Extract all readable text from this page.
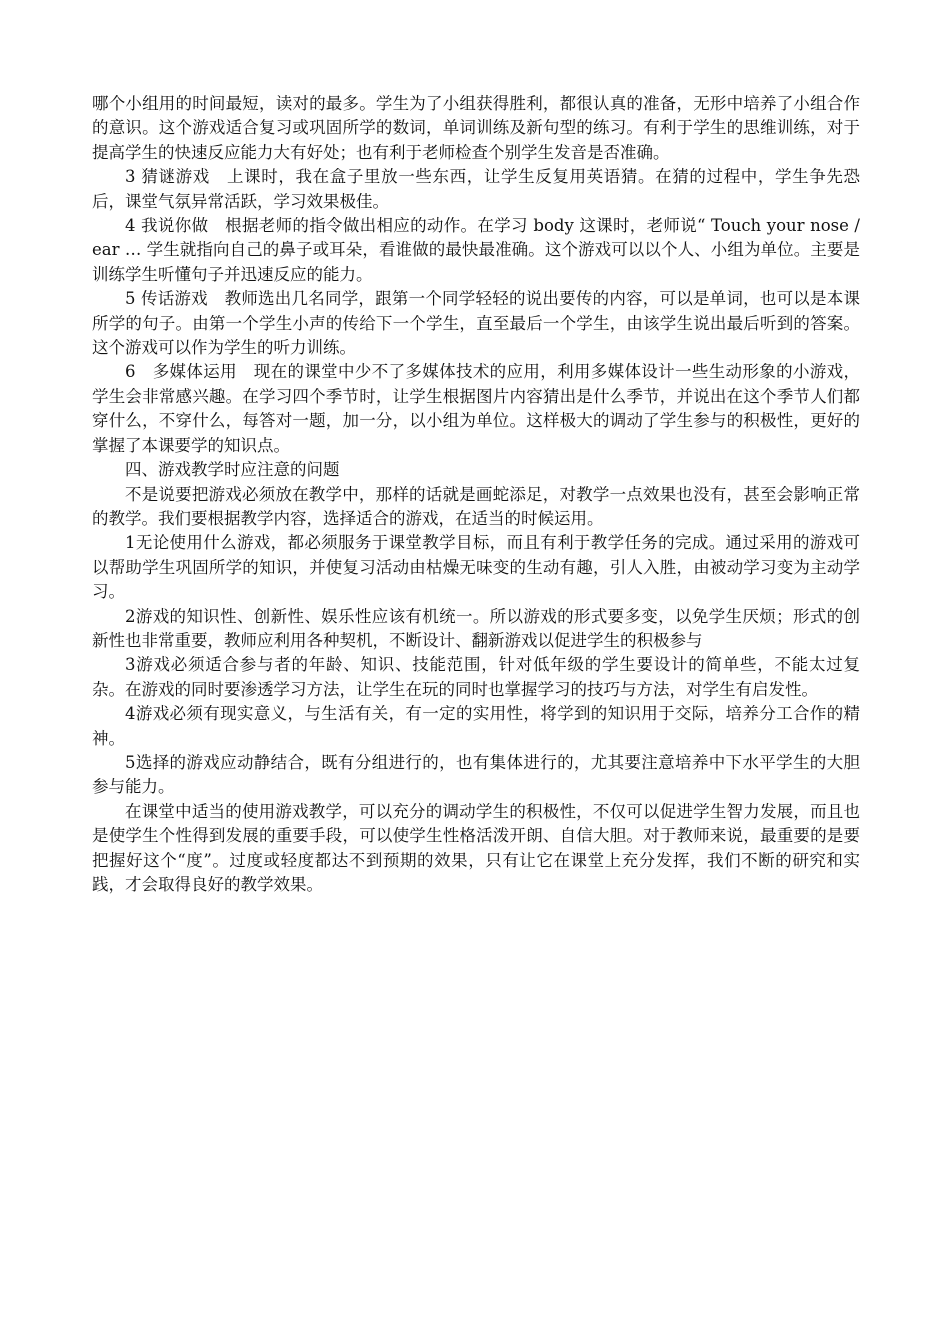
哪个小组用的时间最短，读对的最多。学生为了小组获得胜利，都很认真的准备，无形中培养了小组合作的意识。这个游戏适合复习或巩固所学的数词，单词训练及新句型的练习。有利于学生的思维训练，对于提高学生的快速反应能力大有好处；也有利于老师检查个别学生发音是否准确。

3 猜谜游戏　上课时，我在盒子里放一些东西，让学生反复用英语猜。在猜的过程中，学生争先恐后，课堂气氛异常活跃，学习效果极佳。

4 我说你做　根据老师的指令做出相应的动作。在学习 body 这课时，老师说“ Touch your nose / ear … 学生就指向自己的鼻子或耳朵，看谁做的最快最准确。这个游戏可以以个人、小组为单位。主要是训练学生听懂句子并迅速反应的能力。

5 传话游戏　教师选出几名同学，跟第一个同学轻轻的说出要传的内容，可以是单词，也可以是本课所学的句子。由第一个学生小声的传给下一个学生，直至最后一个学生，由该学生说出最后听到的答案。这个游戏可以作为学生的听力训练。

6　多媒体运用　现在的课堂中少不了多媒体技术的应用，利用多媒体设计一些生动形象的小游戏，学生会非常感兴趣。在学习四个季节时，让学生根据图片内容猜出是什么季节，并说出在这个季节人们都穿什么，不穿什么，每答对一题，加一分，以小组为单位。这样极大的调动了学生参与的积极性，更好的掌握了本课要学的知识点。

四、游戏教学时应注意的问题

不是说要把游戏必须放在教学中，那样的话就是画蛇添足，对教学一点效果也没有，甚至会影响正常的教学。我们要根据教学内容，选择适合的游戏，在适当的时候运用。

1无论使用什么游戏，都必须服务于课堂教学目标，而且有利于教学任务的完成。通过采用的游戏可以帮助学生巩固所学的知识，并使复习活动由枯燥无味变的生动有趣，引人入胜，由被动学习变为主动学习。

2游戏的知识性、创新性、娱乐性应该有机统一。所以游戏的形式要多变，以免学生厌烦；形式的创新性也非常重要，教师应利用各种契机，不断设计、翻新游戏以促进学生的积极参与

3游戏必须适合参与者的年龄、知识、技能范围，针对低年级的学生要设计的简单些，不能太过复杂。在游戏的同时要渗透学习方法，让学生在玩的同时也掌握学习的技巧与方法，对学生有启发性。

4游戏必须有现实意义，与生活有关，有一定的实用性，将学到的知识用于交际，培养分工合作的精神。

5选择的游戏应动静结合，既有分组进行的，也有集体进行的，尤其要注意培养中下水平学生的大胆参与能力。

在课堂中适当的使用游戏教学，可以充分的调动学生的积极性，不仅可以促进学生智力发展，而且也是使学生个性得到发展的重要手段，可以使学生性格活泼开朗、自信大胆。对于教师来说，最重要的是要把握好这个“度”。过度或轻度都达不到预期的效果，只有让它在课堂上充分发挥，我们不断的研究和实践，才会取得良好的教学效果。
